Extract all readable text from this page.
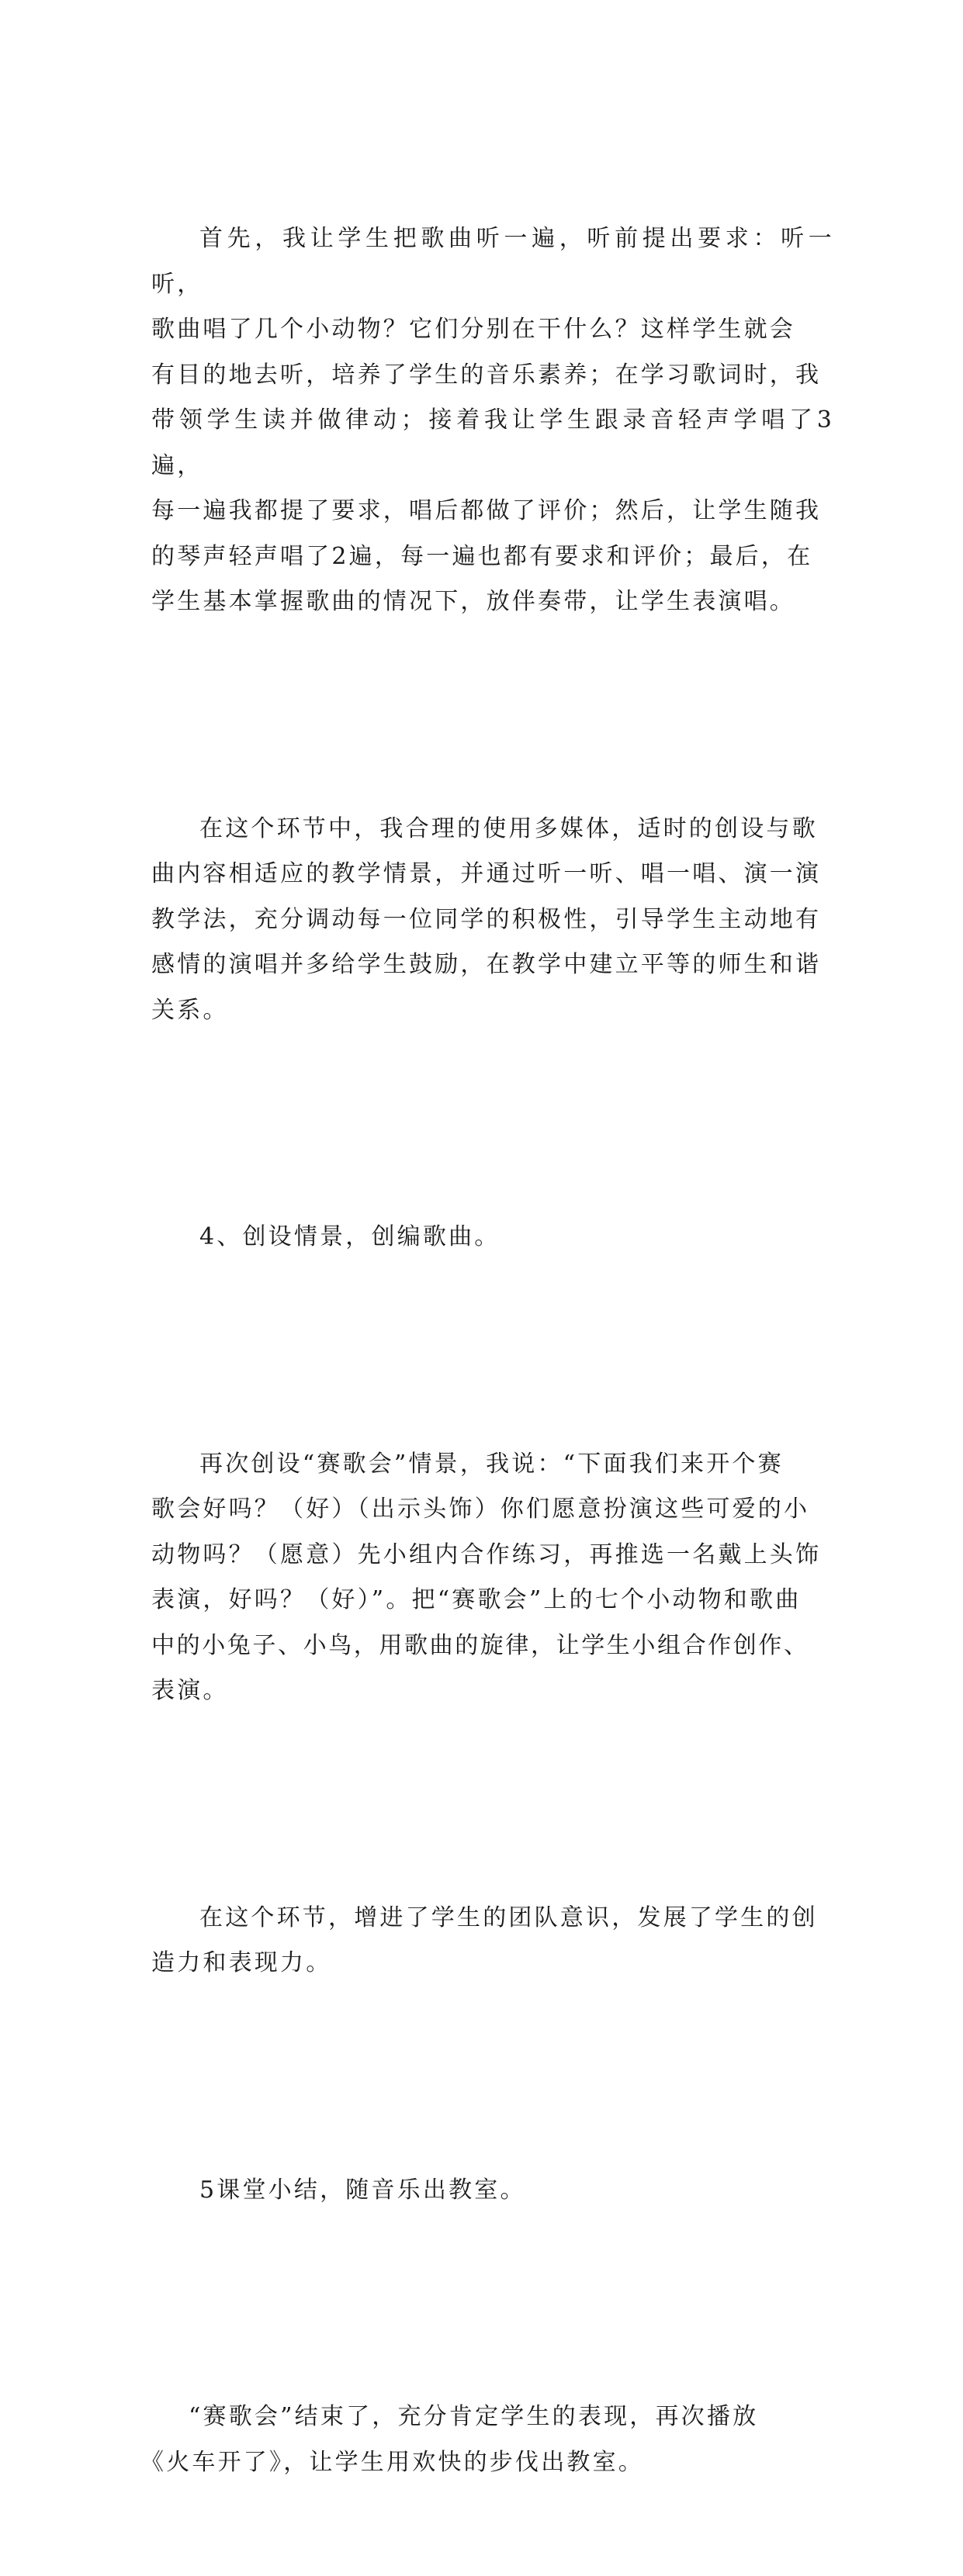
首先，我让学生把歌曲听一遍，听前提出要求：听一听，
歌曲唱了几个小动物？它们分别在干什么？这样学生就会
有目的地去听，培养了学生的音乐素养；在学习歌词时，我
带领学生读并做律动；接着我让学生跟录音轻声学唱了3遍，
每一遍我都提了要求，唱后都做了评价；然后，让学生随我
的琴声轻声唱了2遍，每一遍也都有要求和评价；最后，在
学生基本掌握歌曲的情况下，放伴奏带，让学生表演唱。

在这个环节中，我合理的使用多媒体，适时的创设与歌
曲内容相适应的教学情景，并通过听一听、唱一唱、演一演
教学法，充分调动每一位同学的积极性，引导学生主动地有
感情的演唱并多给学生鼓励，在教学中建立平等的师生和谐
关系。

4、创设情景，创编歌曲。

再次创设“赛歌会”情景，我说：“下面我们来开个赛
歌会好吗？（好）（出示头饰）你们愿意扮演这些可爱的小
动物吗？（愿意）先小组内合作练习，再推选一名戴上头饰
表演，好吗？（好）”。把“赛歌会”上的七个小动物和歌曲
中的小兔子、小鸟，用歌曲的旋律，让学生小组合作创作、
表演。

在这个环节，增进了学生的团队意识，发展了学生的创
造力和表现力。

5课堂小结，随音乐出教室。

“赛歌会”结束了，充分肯定学生的表现，再次播放
《火车开了》，让学生用欢快的步伐出教室。
